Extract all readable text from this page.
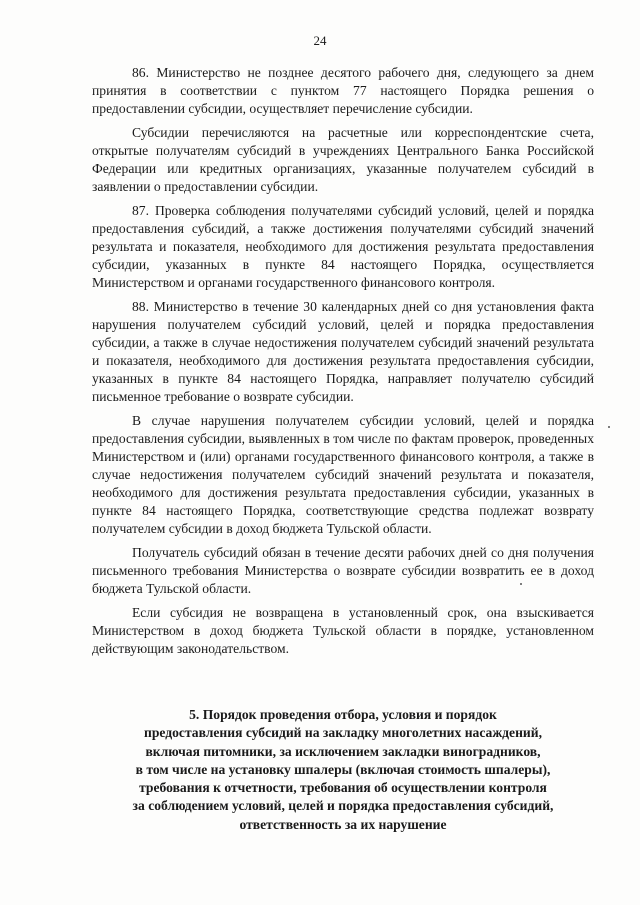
24

86. Министерство не позднее десятого рабочего дня, следующего за днем принятия в соответствии с пунктом 77 настоящего Порядка решения о предоставлении субсидии, осуществляет перечисление субсидии.

Субсидии перечисляются на расчетные или корреспондентские счета, открытые получателям субсидий в учреждениях Центрального Банка Российской Федерации или кредитных организациях, указанные получателем субсидий в заявлении о предоставлении субсидии.

87. Проверка соблюдения получателями субсидий условий, целей и порядка предоставления субсидий, а также достижения получателями субсидий значений результата и показателя, необходимого для достижения результата предоставления субсидии, указанных в пункте 84 настоящего Порядка, осуществляется Министерством и органами государственного финансового контроля.

88. Министерство в течение 30 календарных дней со дня установления факта нарушения получателем субсидий условий, целей и порядка предоставления субсидии, а также в случае недостижения получателем субсидий значений результата и показателя, необходимого для достижения результата предоставления субсидии, указанных в пункте 84 настоящего Порядка, направляет получателю субсидий письменное требование о возврате субсидии.

В случае нарушения получателем субсидии условий, целей и порядка предоставления субсидии, выявленных в том числе по фактам проверок, проведенных Министерством и (или) органами государственного финансового контроля, а также в случае недостижения получателем субсидий значений результата и показателя, необходимого для достижения результата предоставления субсидии, указанных в пункте 84 настоящего Порядка, соответствующие средства подлежат возврату получателем субсидии в доход бюджета Тульской области.

Получатель субсидий обязан в течение десяти рабочих дней со дня получения письменного требования Министерства о возврате субсидии возвратить ее в доход бюджета Тульской области.

Если субсидия не возвращена в установленный срок, она взыскивается Министерством в доход бюджета Тульской области в порядке, установленном действующим законодательством.

5. Порядок проведения отбора, условия и порядок
предоставления субсидий на закладку многолетних насаждений,
включая питомники, за исключением закладки виноградников,
в том числе на установку шпалеры (включая стоимость шпалеры),
требования к отчетности, требования об осуществлении контроля
за соблюдением условий, целей и порядка предоставления субсидий,
ответственность за их нарушение
